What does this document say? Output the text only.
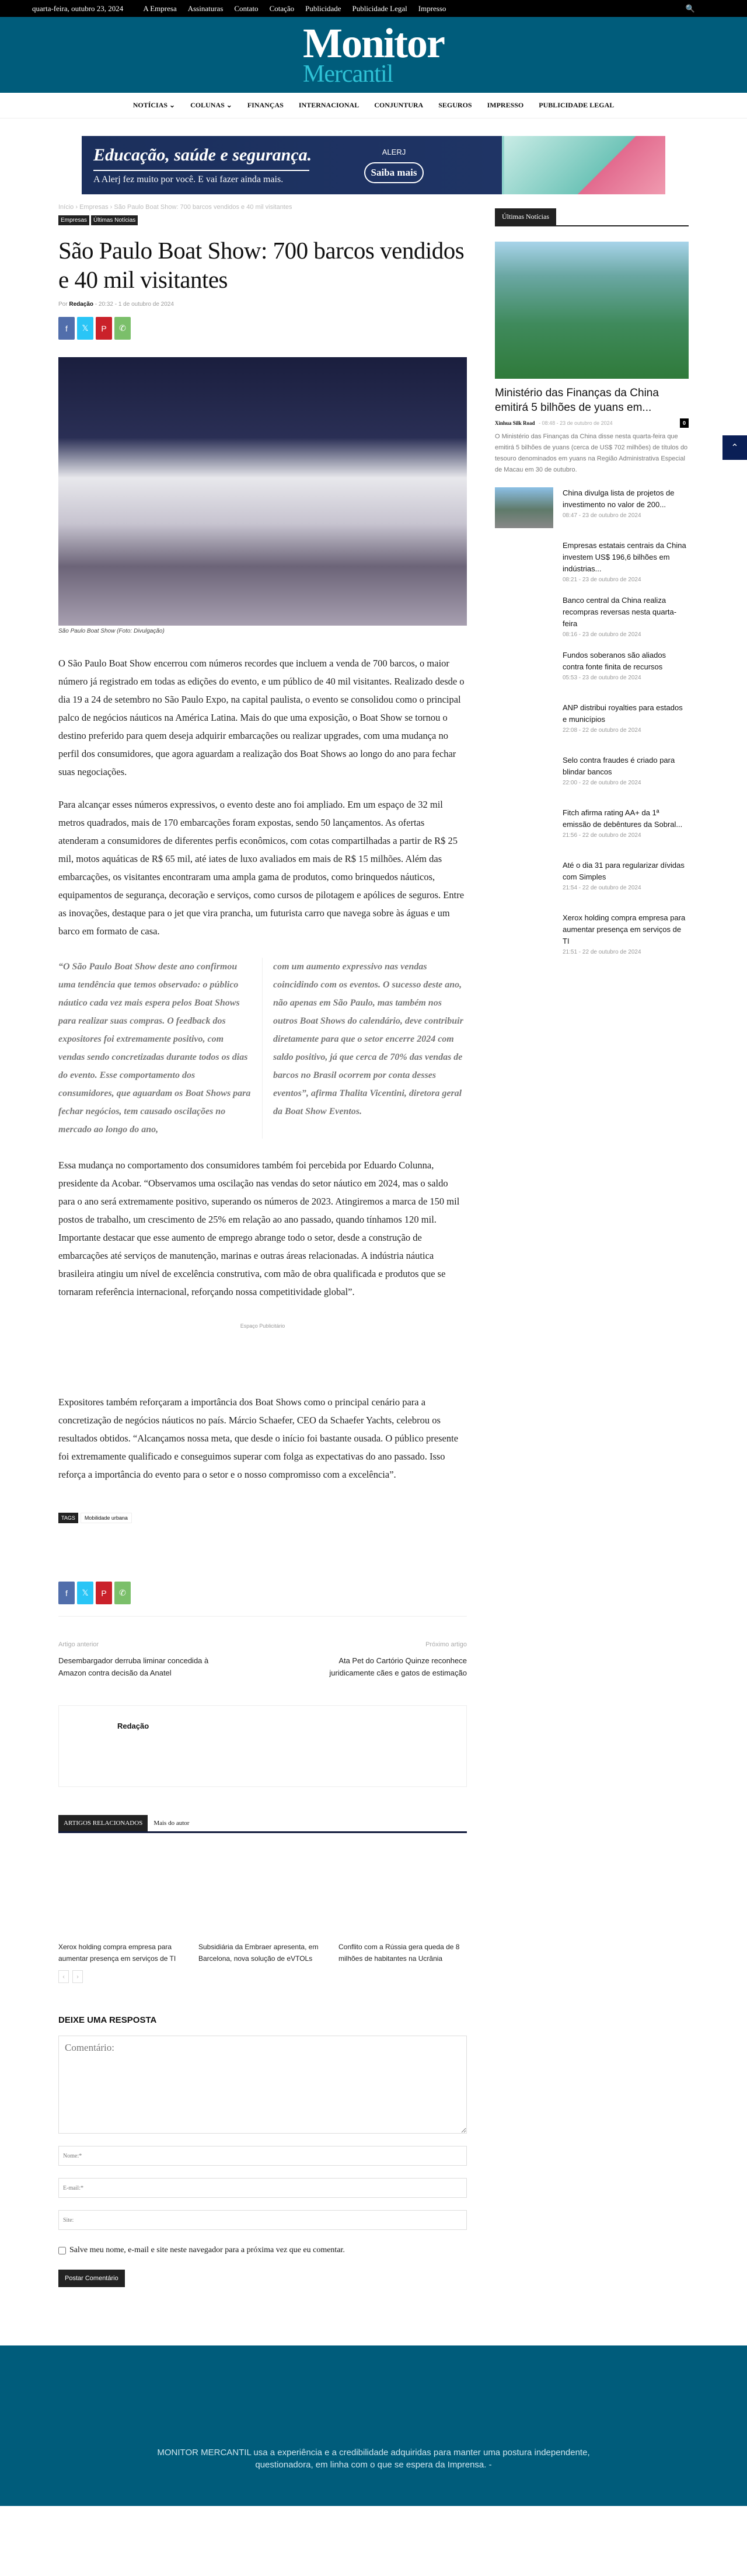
quarta-feira, outubro 23, 2024	A Empresa Assinaturas Contato Cotação Publicidade Publicidade Legal Impresso	🔍
Monitor
Mercantil
NOTÍCIAS ⌄ COLUNAS ⌄ FINANÇAS INTERNACIONAL CONJUNTURA SEGUROS IMPRESSO PUBLICIDADE LEGAL
Educação, saúde e segurança.
A Alerj fez muito por você. E vai fazer ainda mais.
ALERJ
Saiba mais
Início › Empresas › São Paulo Boat Show: 700 barcos vendidos e 40 mil visitantes
Empresas	Últimas Notícias
São Paulo Boat Show: 700 barcos vendidos e 40 mil visitantes
Por Redação - 20:32 - 1 de outubro de 2024
f	𝕏	P	✆
São Paulo Boat Show (Foto: Divulgação)

O São Paulo Boat Show encerrou com números recordes que incluem a venda de 700 barcos, o maior número já registrado em todas as edições do evento, e um público de 40 mil visitantes. Realizado desde o dia 19 a 24 de setembro no São Paulo Expo, na capital paulista, o evento se consolidou como o principal palco de negócios náuticos na América Latina. Mais do que uma exposição, o Boat Show se tornou o destino preferido para quem deseja adquirir embarcações ou realizar upgrades, com uma mudança no perfil dos consumidores, que agora aguardam a realização dos Boat Shows ao longo do ano para fechar suas negociações.

Para alcançar esses números expressivos, o evento deste ano foi ampliado. Em um espaço de 32 mil metros quadrados, mais de 170 embarcações foram expostas, sendo 50 lançamentos. As ofertas atenderam a consumidores de diferentes perfis econômicos, com cotas compartilhadas a partir de R$ 25 mil, motos aquáticas de R$ 65 mil, até iates de luxo avaliados em mais de R$ 15 milhões. Além das embarcações, os visitantes encontraram uma ampla gama de produtos, como brinquedos náuticos, equipamentos de segurança, decoração e serviços, como cursos de pilotagem e apólices de seguros. Entre as inovações, destaque para o jet que vira prancha, um futurista carro que navega sobre às águas e um barco em formato de casa.

“O São Paulo Boat Show deste ano confirmou uma tendência que temos observado: o público náutico cada vez mais espera pelos Boat Shows para realizar suas compras. O feedback dos expositores foi extremamente positivo, com vendas sendo concretizadas durante todos os dias do evento. Esse comportamento dos consumidores, que aguardam os Boat Shows para fechar negócios, tem causado oscilações no mercado ao longo do ano,
com um aumento expressivo nas vendas coincidindo com os eventos. O sucesso deste ano, não apenas em São Paulo, mas também nos outros Boat Shows do calendário, deve contribuir diretamente para que o setor encerre 2024 com saldo positivo, já que cerca de 70% das vendas de barcos no Brasil ocorrem por conta desses eventos”, afirma Thalita Vicentini, diretora geral da Boat Show Eventos.

Essa mudança no comportamento dos consumidores também foi percebida por Eduardo Colunna, presidente da Acobar. “Observamos uma oscilação nas vendas do setor náutico em 2024, mas o saldo para o ano será extremamente positivo, superando os números de 2023. Atingiremos a marca de 150 mil postos de trabalho, um crescimento de 25% em relação ao ano passado, quando tínhamos 120 mil. Importante destacar que esse aumento de emprego abrange todo o setor, desde a construção de embarcações até serviços de manutenção, marinas e outras áreas relacionadas. A indústria náutica brasileira atingiu um nível de excelência construtiva, com mão de obra qualificada e produtos que se tornaram referência internacional, reforçando nossa competitividade global”.

Espaço Publicitário

Expositores também reforçaram a importância dos Boat Shows como o principal cenário para a concretização de negócios náuticos no país. Márcio Schaefer, CEO da Schaefer Yachts, celebrou os resultados obtidos. “Alcançamos nossa meta, que desde o início foi bastante ousada. O público presente foi extremamente qualificado e conseguimos superar com folga as expectativas do ano passado. Isso reforça a importância do evento para o setor e o nosso compromisso com a excelência”.

TAGS	Mobilidade urbana
f	𝕏	P	✆
Artigo anterior
Desembargador derruba liminar concedida à Amazon contra decisão da Anatel
Próximo artigo
Ata Pet do Cartório Quinze reconhece juridicamente cães e gatos de estimação
Redação
ARTIGOS RELACIONADOS	Mais do autor
Xerox holding compra empresa para aumentar presença em serviços de TI
Subsidiária da Embraer apresenta, em Barcelona, nova solução de eVTOLs
Conflito com a Rússia gera queda de 8 milhões de habitantes na Ucrânia
‹	›
DEIXE UMA RESPOSTA
Comentário:
Nome:*
E-mail:*
Site:
Salve meu nome, e-mail e site neste navegador para a próxima vez que eu comentar.
Postar Comentário
Últimas Notícias
Ministério das Finanças da China emitirá 5 bilhões de yuans em...
Xinhua Silk Road - 08:48 - 23 de outubro de 2024	0
O Ministério das Finanças da China disse nesta quarta-feira que emitirá 5 bilhões de yuans (cerca de US$ 702 milhões) de títulos do tesouro denominados em yuans na Região Administrativa Especial de Macau em 30 de outubro.
China divulga lista de projetos de investimento no valor de 200...
08:47 - 23 de outubro de 2024
Empresas estatais centrais da China investem US$ 196,6 bilhões em indústrias...
08:21 - 23 de outubro de 2024
Banco central da China realiza recompras reversas nesta quarta-feira
08:16 - 23 de outubro de 2024
Fundos soberanos são aliados contra fonte finita de recursos
05:53 - 23 de outubro de 2024
ANP distribui royalties para estados e municípios
22:08 - 22 de outubro de 2024
Selo contra fraudes é criado para blindar bancos
22:00 - 22 de outubro de 2024
Fitch afirma rating AA+ da 1ª emissão de debêntures da Sobral...
21:56 - 22 de outubro de 2024
Até o dia 31 para regularizar dívidas com Simples
21:54 - 22 de outubro de 2024
Xerox holding compra empresa para aumentar presença em serviços de TI
21:51 - 22 de outubro de 2024
⌃

MONITOR MERCANTIL usa a experiência e a credibilidade adquiridas para manter uma postura independente, questionadora, em linha com o que se espera da Imprensa. -
